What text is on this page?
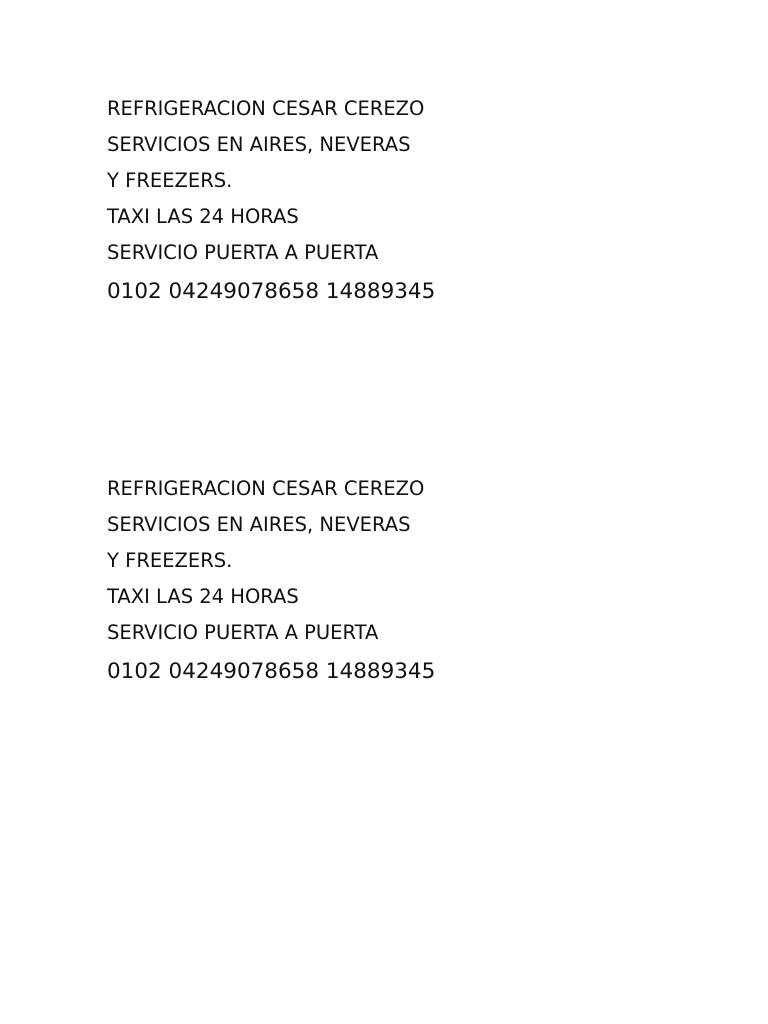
REFRIGERACION CESAR CEREZO
SERVICIOS EN AIRES, NEVERAS
Y FREEZERS.
TAXI LAS 24 HORAS
SERVICIO PUERTA A PUERTA
0102 04249078658 14889345
REFRIGERACION CESAR CEREZO
SERVICIOS EN AIRES, NEVERAS
Y FREEZERS.
TAXI LAS 24 HORAS
SERVICIO PUERTA A PUERTA
0102 04249078658 14889345
